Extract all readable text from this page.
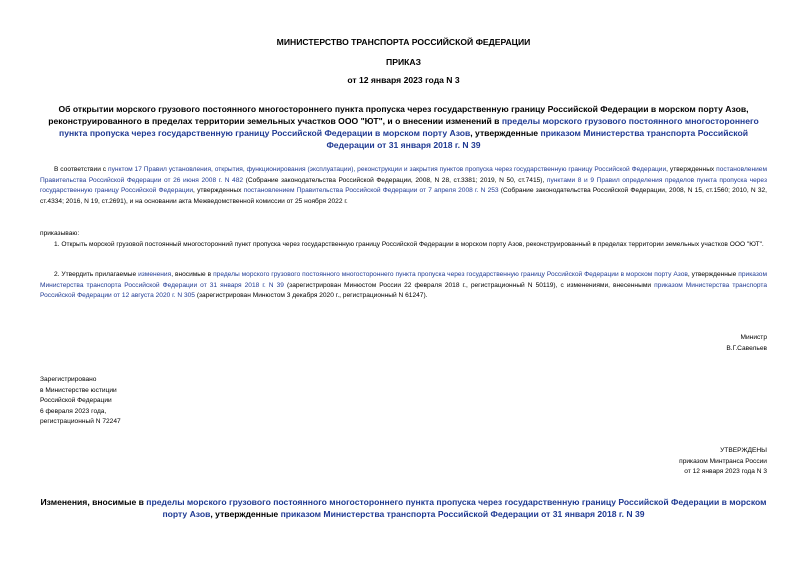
МИНИСТЕРСТВО ТРАНСПОРТА РОССИЙСКОЙ ФЕДЕРАЦИИ
ПРИКАЗ
от 12 января 2023 года N 3
Об открытии морского грузового постоянного многостороннего пункта пропуска через государственную границу Российской Федерации в морском порту Азов, реконструированного в пределах территории земельных участков ООО "ЮТ", и о внесении изменений в пределы морского грузового постоянного многостороннего пункта пропуска через государственную границу Российской Федерации в морском порту Азов, утвержденные приказом Министерства транспорта Российской Федерации от 31 января 2018 г. N 39
В соответствии с пунктом 17 Правил установления, открытия, функционирования (эксплуатации), реконструкции и закрытия пунктов пропуска через государственную границу Российской Федерации, утвержденных постановлением Правительства Российской Федерации от 26 июня 2008 г. N 482 (Собрание законодательства Российской Федерации, 2008, N 28, ст.3381; 2019, N 50, ст.7415), пунктами 8 и 9 Правил определения пределов пункта пропуска через государственную границу Российской Федерации, утвержденных постановлением Правительства Российской Федерации от 7 апреля 2008 г. N 253 (Собрание законодательства Российской Федерации, 2008, N 15, ст.1560; 2010, N 32, ст.4334; 2016, N 19, ст.2691), и на основании акта Межведомственной комиссии от 25 ноября 2022 г.
приказываю:
1. Открыть морской грузовой постоянный многосторонний пункт пропуска через государственную границу Российской Федерации в морском порту Азов, реконструированный в пределах территории земельных участков ООО "ЮТ".
2. Утвердить прилагаемые изменения, вносимые в пределы морского грузового постоянного многостороннего пункта пропуска через государственную границу Российской Федерации в морском порту Азов, утвержденные приказом Министерства транспорта Российской Федерации от 31 января 2018 г. N 39 (зарегистрирован Минюстом России 22 февраля 2018 г., регистрационный N 50119), с изменениями, внесенными приказом Министерства транспорта Российской Федерации от 12 августа 2020 г. N 305 (зарегистрирован Минюстом 3 декабря 2020 г., регистрационный N 61247).
Министр
В.Г.Савельев
Зарегистрировано
в Министерстве юстиции
Российской Федерации
6 февраля 2023 года,
регистрационный N 72247
УТВЕРЖДЕНЫ
приказом Минтранса России
от 12 января 2023 года N 3
Изменения, вносимые в пределы морского грузового постоянного многостороннего пункта пропуска через государственную границу Российской Федерации в морском порту Азов, утвержденные приказом Министерства транспорта Российской Федерации от 31 января 2018 г. N 39
